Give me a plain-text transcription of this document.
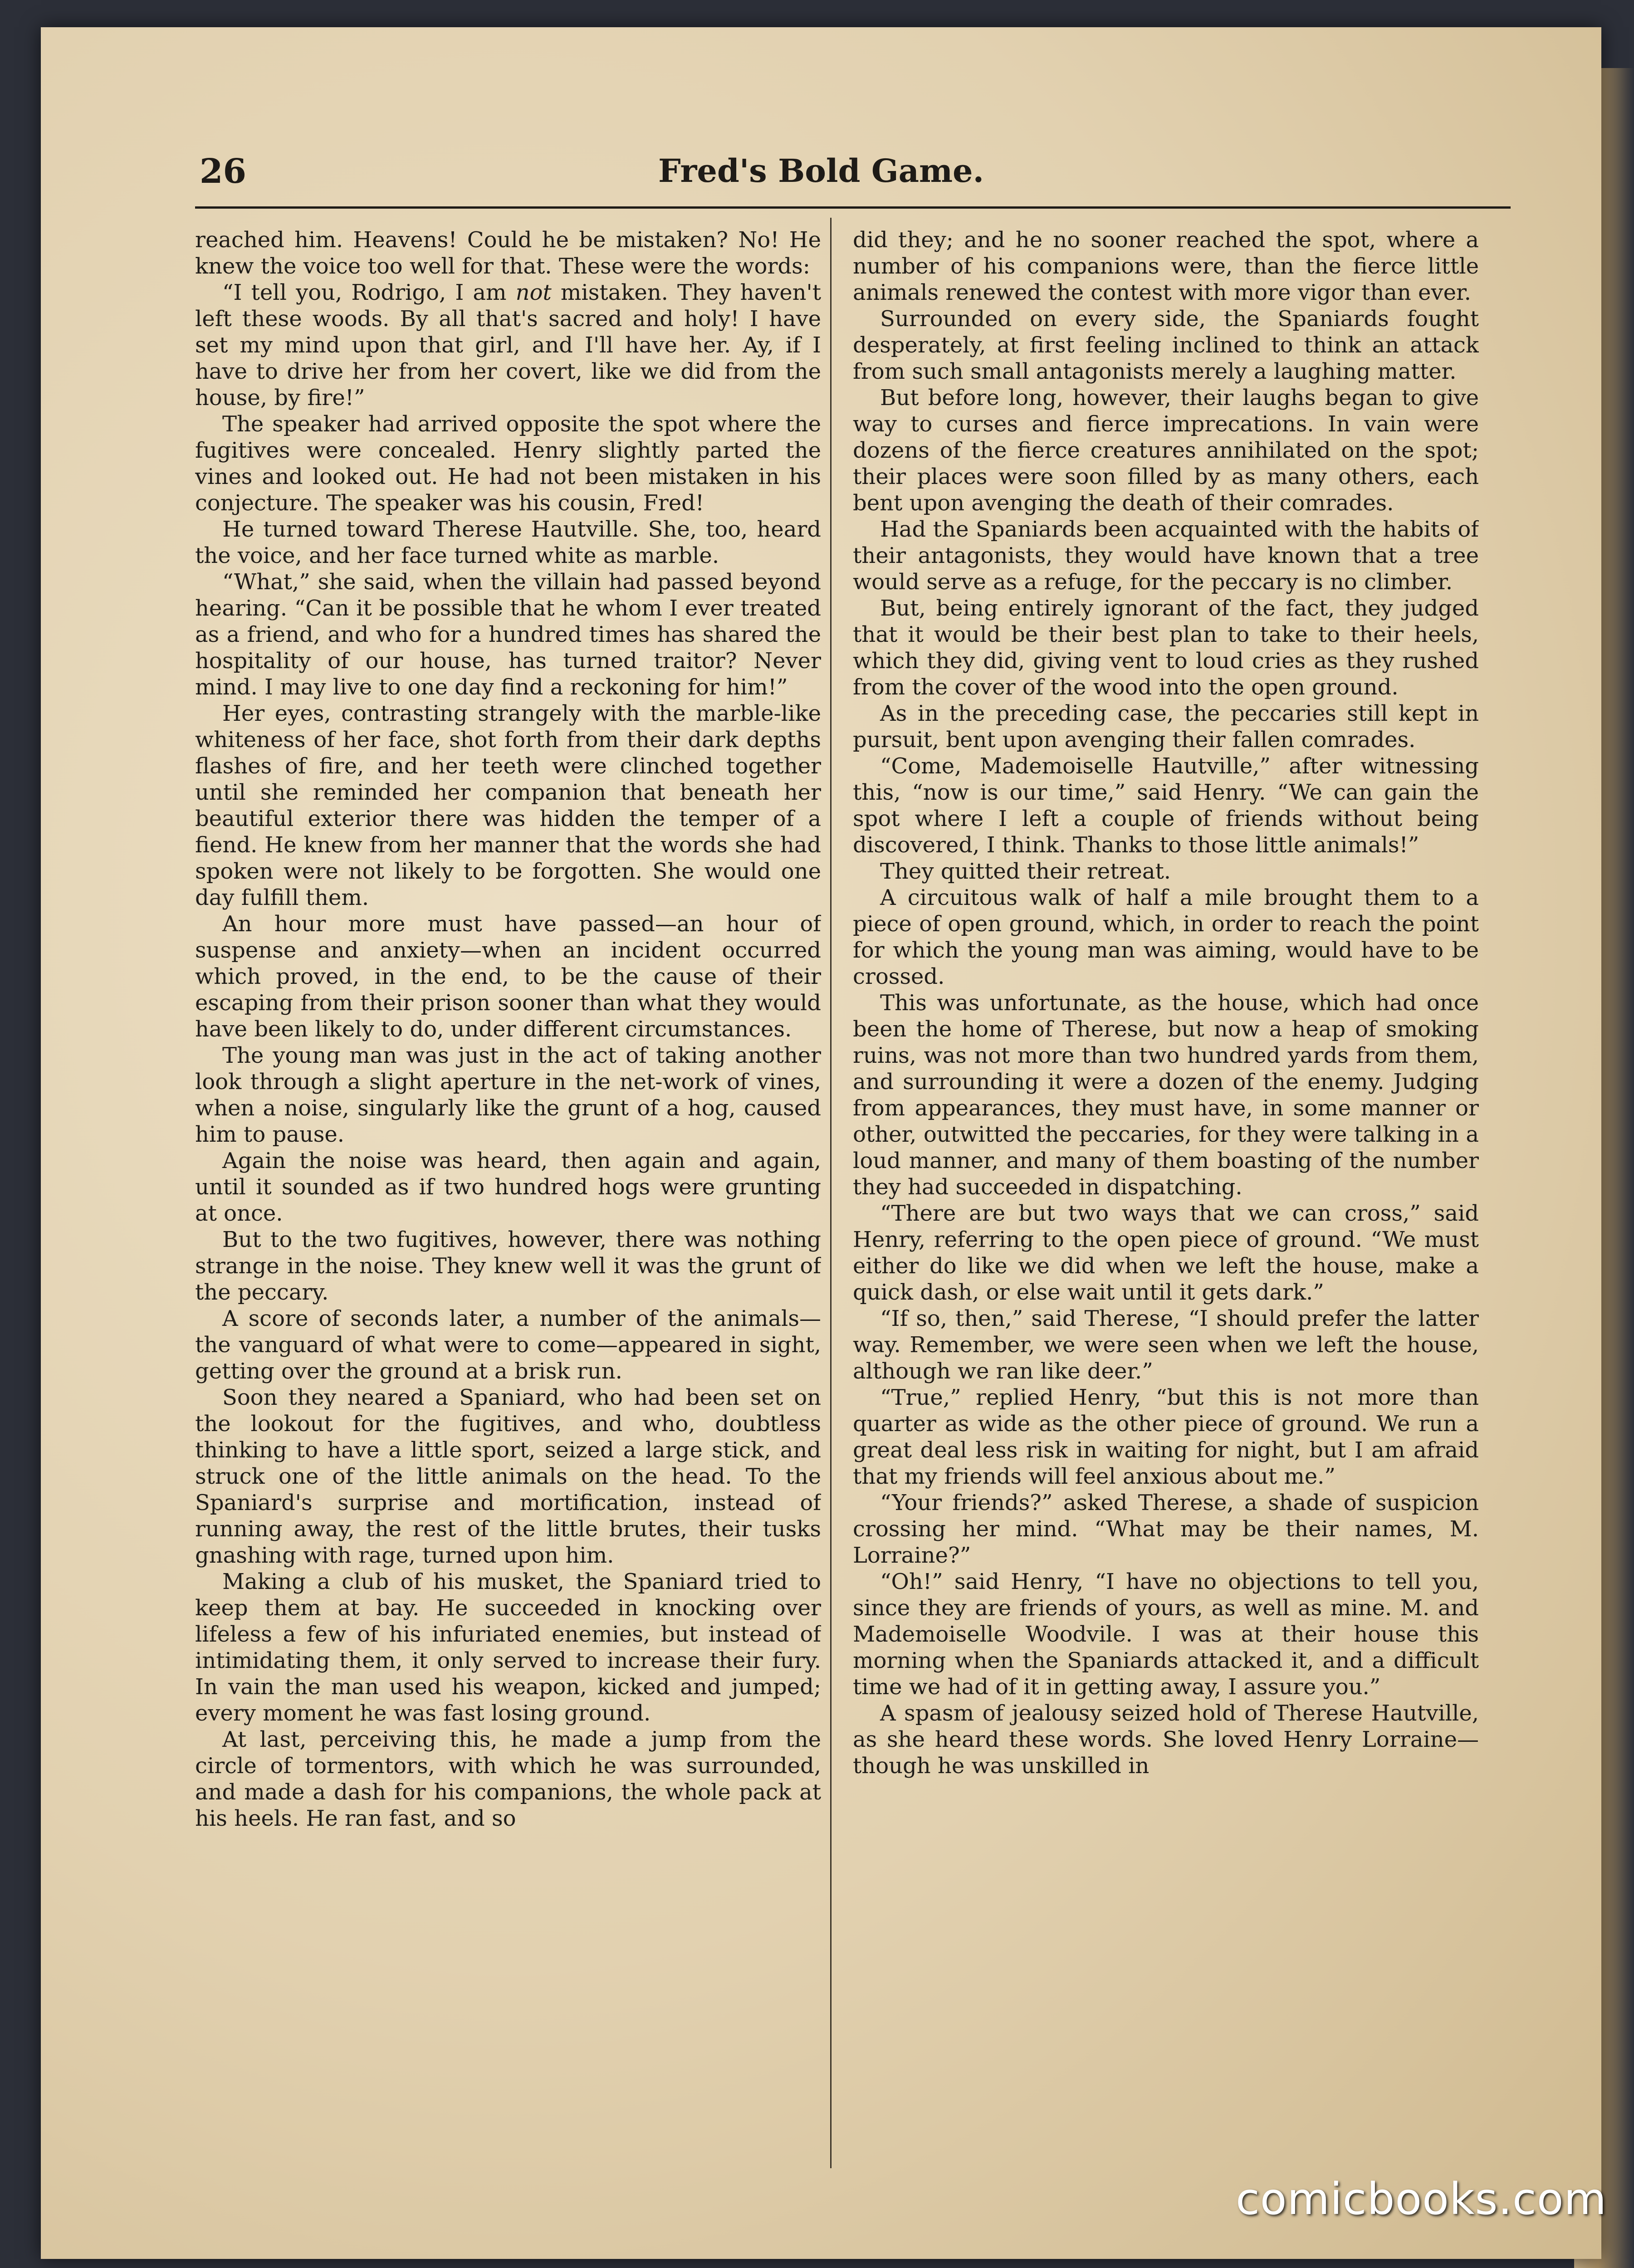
26	Fred's Bold Game.

reached him. Heavens! Could he be mistaken? No! He knew the voice too well for that. These were the words:

“I tell you, Rodrigo, I am not mistaken. They haven't left these woods. By all that's sacred and holy! I have set my mind upon that girl, and I'll have her. Ay, if I have to drive her from her covert, like we did from the house, by fire!”

The speaker had arrived opposite the spot where the fugitives were concealed. Henry slightly parted the vines and looked out. He had not been mistaken in his conjecture. The speaker was his cousin, Fred!

He turned toward Therese Hautville. She, too, heard the voice, and her face turned white as marble.

“What,” she said, when the villain had passed beyond hearing. “Can it be possible that he whom I ever treated as a friend, and who for a hundred times has shared the hospitality of our house, has turned traitor? Never mind. I may live to one day find a reckoning for him!”

Her eyes, contrasting strangely with the marble-like whiteness of her face, shot forth from their dark depths flashes of fire, and her teeth were clinched together until she reminded her companion that beneath her beautiful exterior there was hidden the temper of a fiend. He knew from her manner that the words she had spoken were not likely to be forgotten. She would one day fulfill them.

An hour more must have passed—an hour of suspense and anxiety—when an incident occurred which proved, in the end, to be the cause of their escaping from their prison sooner than what they would have been likely to do, under different circumstances.

The young man was just in the act of taking another look through a slight aperture in the net-work of vines, when a noise, singularly like the grunt of a hog, caused him to pause.

Again the noise was heard, then again and again, until it sounded as if two hundred hogs were grunting at once.

But to the two fugitives, however, there was nothing strange in the noise. They knew well it was the grunt of the peccary.

A score of seconds later, a number of the animals—the vanguard of what were to come—appeared in sight, getting over the ground at a brisk run.

Soon they neared a Spaniard, who had been set on the lookout for the fugitives, and who, doubtless thinking to have a little sport, seized a large stick, and struck one of the little animals on the head. To the Spaniard's surprise and mortification, instead of running away, the rest of the little brutes, their tusks gnashing with rage, turned upon him.

Making a club of his musket, the Spaniard tried to keep them at bay. He succeeded in knocking over lifeless a few of his infuriated enemies, but instead of intimidating them, it only served to increase their fury. In vain the man used his weapon, kicked and jumped; every moment he was fast losing ground.

At last, perceiving this, he made a jump from the circle of tormentors, with which he was surrounded, and made a dash for his companions, the whole pack at his heels. He ran fast, and so

did they; and he no sooner reached the spot, where a number of his companions were, than the fierce little animals renewed the contest with more vigor than ever.

Surrounded on every side, the Spaniards fought desperately, at first feeling inclined to think an attack from such small antagonists merely a laughing matter.

But before long, however, their laughs began to give way to curses and fierce imprecations. In vain were dozens of the fierce creatures annihilated on the spot; their places were soon filled by as many others, each bent upon avenging the death of their comrades.

Had the Spaniards been acquainted with the habits of their antagonists, they would have known that a tree would serve as a refuge, for the peccary is no climber.

But, being entirely ignorant of the fact, they judged that it would be their best plan to take to their heels, which they did, giving vent to loud cries as they rushed from the cover of the wood into the open ground.

As in the preceding case, the peccaries still kept in pursuit, bent upon avenging their fallen comrades.

“Come, Mademoiselle Hautville,” after witnessing this, “now is our time,” said Henry. “We can gain the spot where I left a couple of friends without being discovered, I think. Thanks to those little animals!”

They quitted their retreat.

A circuitous walk of half a mile brought them to a piece of open ground, which, in order to reach the point for which the young man was aiming, would have to be crossed.

This was unfortunate, as the house, which had once been the home of Therese, but now a heap of smoking ruins, was not more than two hundred yards from them, and surrounding it were a dozen of the enemy. Judging from appearances, they must have, in some manner or other, outwitted the peccaries, for they were talking in a loud manner, and many of them boasting of the number they had succeeded in dispatching.

“There are but two ways that we can cross,” said Henry, referring to the open piece of ground. “We must either do like we did when we left the house, make a quick dash, or else wait until it gets dark.”

“If so, then,” said Therese, “I should prefer the latter way. Remember, we were seen when we left the house, although we ran like deer.”

“True,” replied Henry, “but this is not more than quarter as wide as the other piece of ground. We run a great deal less risk in waiting for night, but I am afraid that my friends will feel anxious about me.”

“Your friends?” asked Therese, a shade of suspicion crossing her mind. “What may be their names, M. Lorraine?”

“Oh!” said Henry, “I have no objections to tell you, since they are friends of yours, as well as mine. M. and Mademoiselle Woodvile. I was at their house this morning when the Spaniards attacked it, and a difficult time we had of it in getting away, I assure you.”

A spasm of jealousy seized hold of Therese Hautville, as she heard these words. She loved Henry Lorraine—though he was unskilled in

comicbooks.com
